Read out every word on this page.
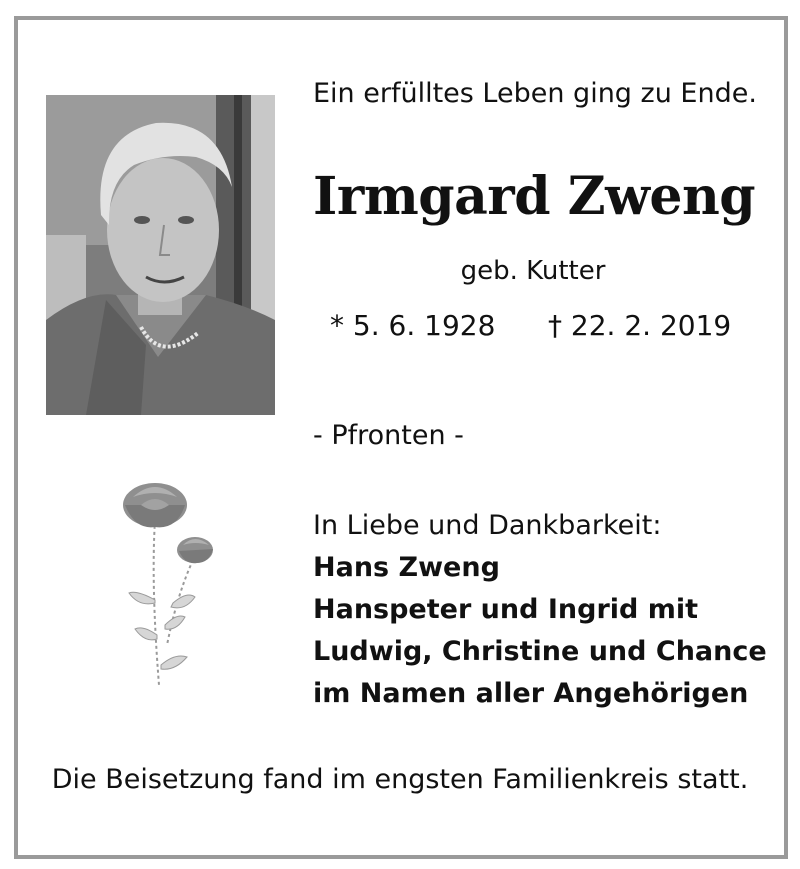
Ein erfülltes Leben ging zu Ende.
Irmgard Zweng
geb. Kutter
* 5. 6. 1928 † 22. 2. 2019
- Pfronten -
In Liebe und Dankbarkeit:
Hans Zweng
Hanspeter und Ingrid mit
Ludwig, Christine und Chance
im Namen aller Angehörigen
Die Beisetzung fand im engsten Familienkreis statt.
